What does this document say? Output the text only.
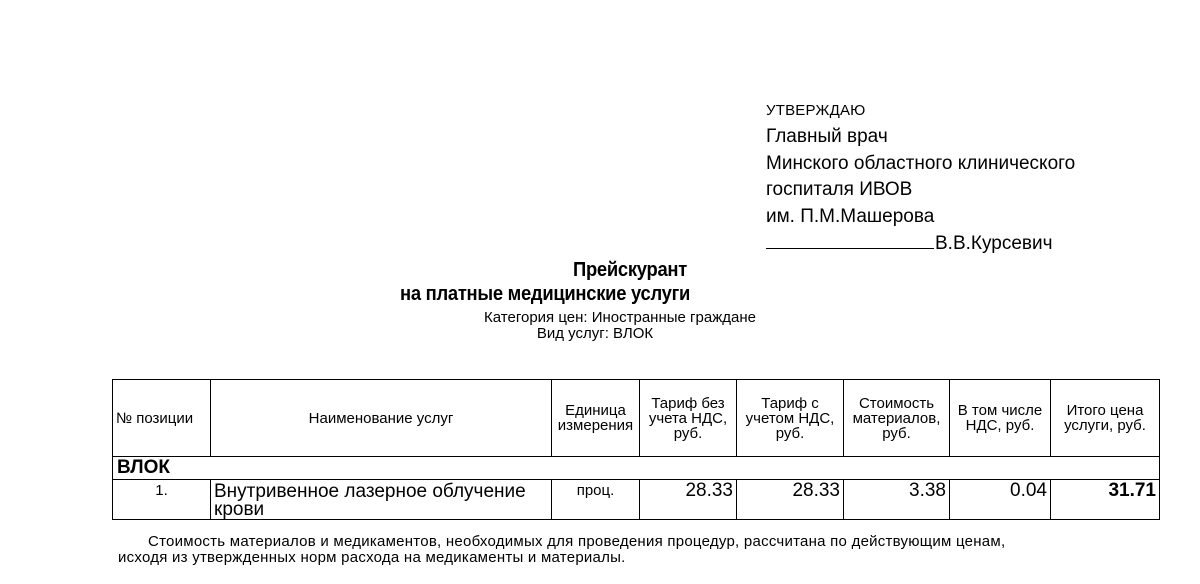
УТВЕРЖДАЮ
Главный врач
Минского областного клинического
госпиталя ИВОВ
им. П.М.Машерова
В.В.Курсевич
Прейскурант
на платные медицинские услуги
Категория цен: Иностранные граждане
Вид услуг: ВЛОК
№ позиции	Наименование услуг	Единица измерения	Тариф без учета НДС, руб.	Тариф с учетом НДС, руб.	Стоимость материалов, руб.	В том числе НДС, руб.	Итого цена услуги, руб.
ВЛОК							
1.	Внутривенное лазерное облучение крови	проц.	28.33	28.33	3.38	0.04	31.71
Стоимость материалов и медикаментов, необходимых для проведения процедур, рассчитана по действующим ценам,
исходя из утвержденных норм расхода на медикаменты и материалы.
